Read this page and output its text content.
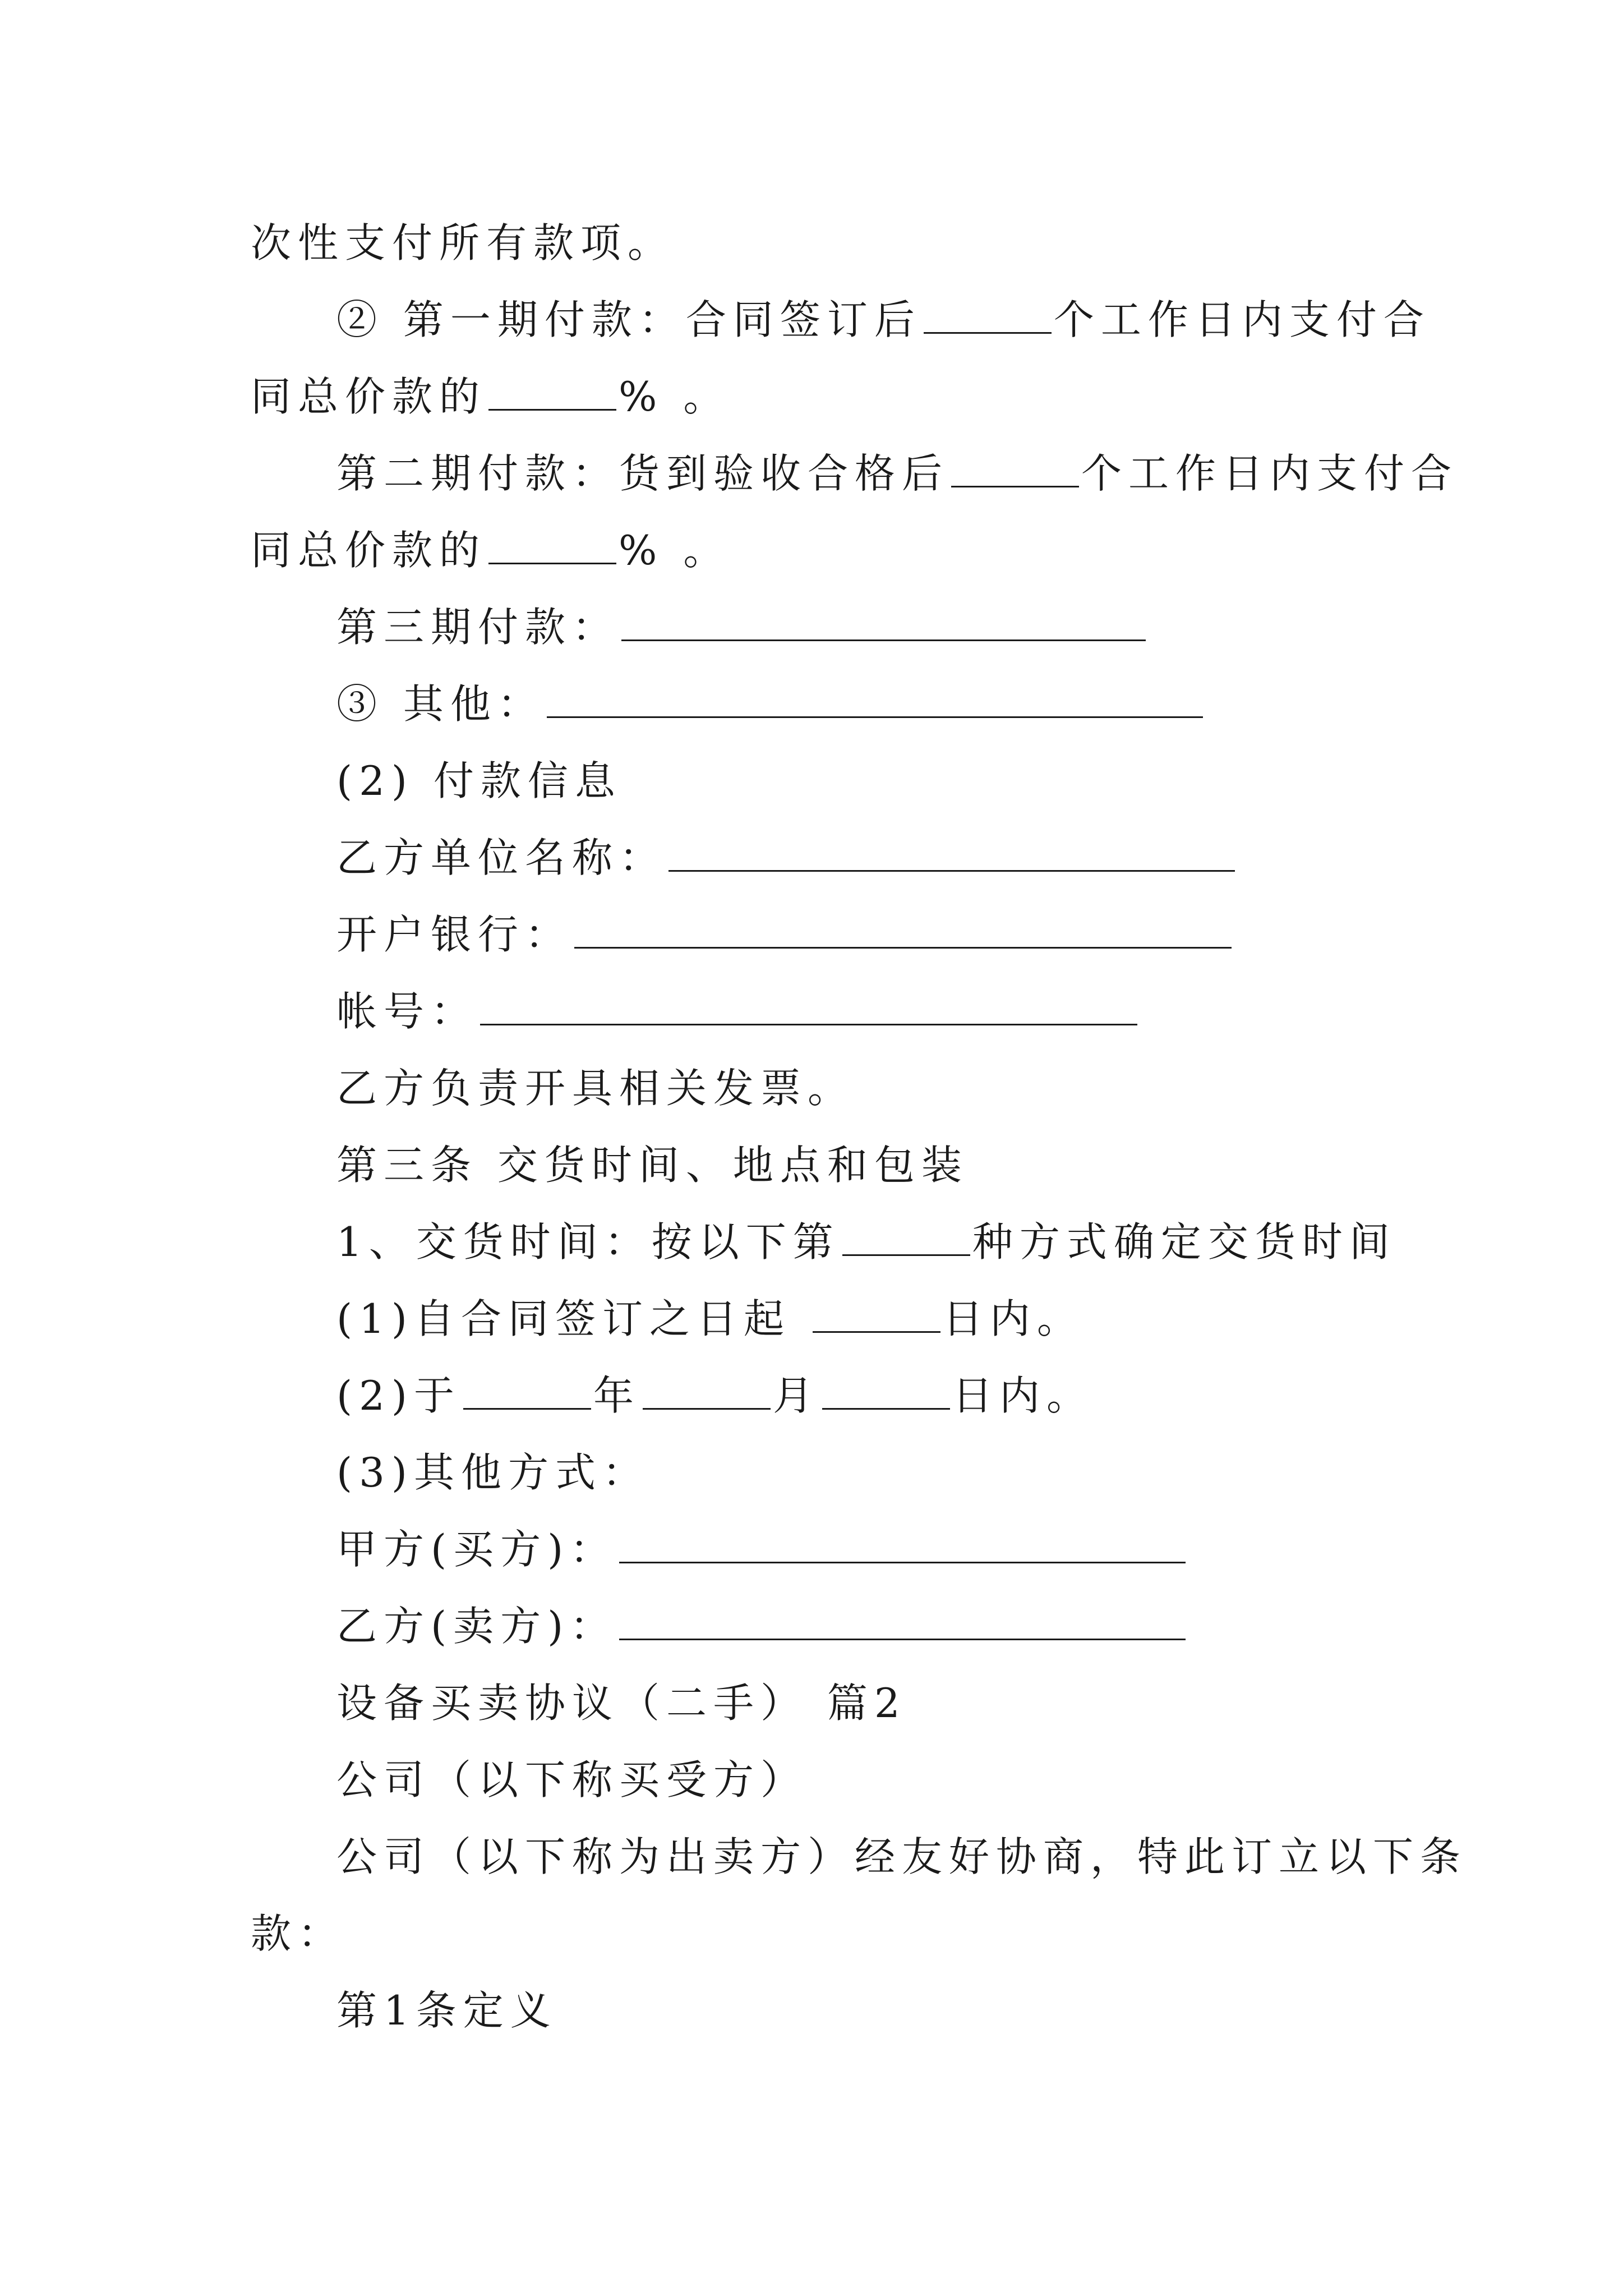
次性支付所有款项。
② 第一期付款：合同签订后	个工作日内支付合
同总价款的	% 。
第二期付款：货到验收合格后	个工作日内支付合
同总价款的	% 。
第三期付款：
③ 其他：
(2) 付款信息
乙方单位名称：
开户银行：
帐号：
乙方负责开具相关发票。
第三条 交货时间、地点和包装
1、交货时间：按以下第	种方式确定交货时间
(1)自合同签订之日起	日内。
(2)于	年	月	日内。
(3)其他方式：
甲方(买方)：
乙方(卖方)：
设备买卖协议（二手） 篇2
公司（以下称买受方）
公司（以下称为出卖方）经友好协商，特此订立以下条
款：
第1条定义
